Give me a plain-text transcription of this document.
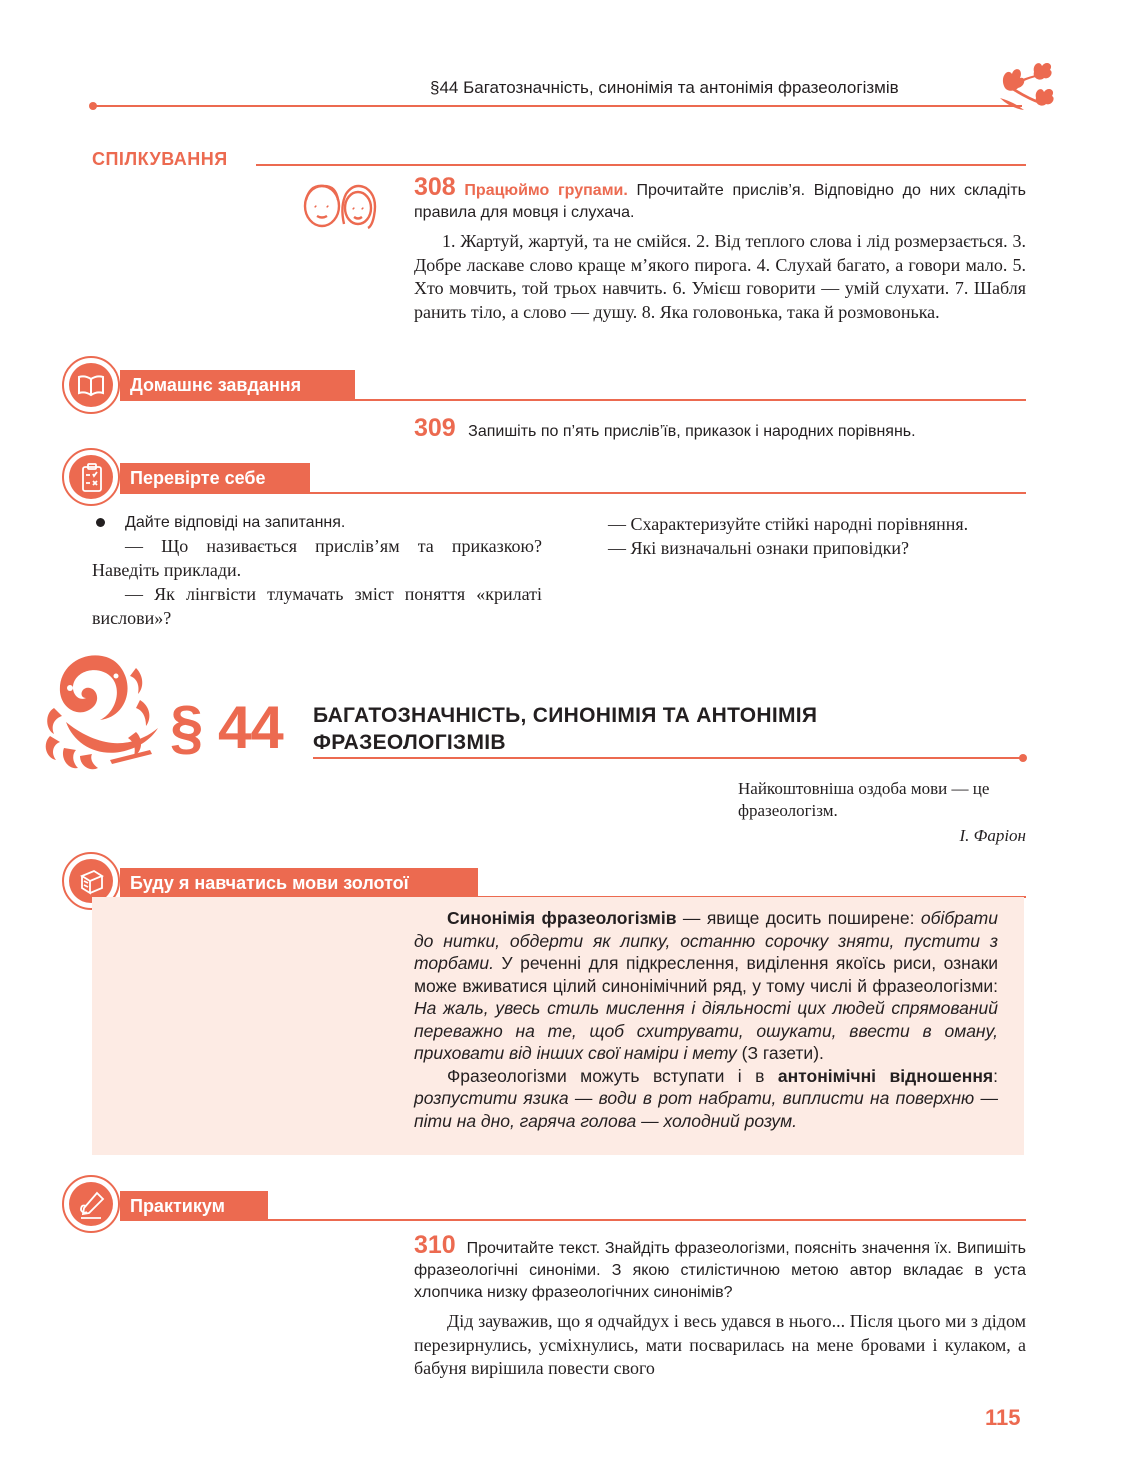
§44 Багатозначність, синонімія та антонімія фразеологізмів
СПІЛКУВАННЯ
308 Працюймо групами. Прочитайте прислів’я. Відповідно до них складіть правила для мовця і слухача.
1. Жартуй, жартуй, та не смійся. 2. Від теплого слова і лід розмерзається. 3. Добре ласкаве слово краще м’якого пирога. 4. Слухай багато, а говори мало. 5. Хто мовчить, той трьох навчить. 6. Умієш говорити — умій слухати. 7. Шабля ранить тіло, а слово — душу. 8. Яка головонька, така й розмовонька.
Домашнє завдання
309 Запишіть по п’ять прислів’їв, приказок і народних порівнянь.
Перевірте себе
Дайте відповіді на запитання.
— Що називається прислів’ям та приказкою? Наведіть приклади.
— Як лінгвісти тлумачать зміст поняття «крилаті вислови»?
— Схарактеризуйте стійкі народні порівняння.
— Які визначальні ознаки приповідки?
§ 44 БАГАТОЗНАЧНІСТЬ, СИНОНІМІЯ ТА АНТОНІМІЯ
ФРАЗЕОЛОГІЗМІВ
Найкоштовніша оздоба мови — це фразеологізм.
І. Фаріон
Буду я навчатись мови золотої

Синонімія фразеологізмів — явище досить поширене: обібрати до нитки, обдерти як липку, останню сорочку зняти, пустити з торбами. У реченні для підкреслення, виділення якоїсь риси, ознаки може вживатися цілий синонімічний ряд, у тому числі й фразеологізми: На жаль, увесь стиль мислення і діяльності цих людей спрямований переважно на те, щоб схитрувати, ошукати, ввести в оману, приховати від інших свої наміри і мету (З газети).

Фразеологізми можуть вступати і в антонімічні відношення: розпустити язика — води в рот набрати, виплисти на поверхню — піти на дно, гаряча голова — холодний розум.

Практикум
310 Прочитайте текст. Знайдіть фразеологізми, поясніть значення їх. Випишіть фразеологічні синоніми. З якою стилістичною метою автор вкладає в уста хлопчика низку фразеологічних синонімів?
Дід зауважив, що я одчайдух і весь удався в нього... Після цього ми з дідом перезирнулись, усміхнулись, мати посварилась на мене бровами і кулаком, а бабуня вирішила повести свого
115
